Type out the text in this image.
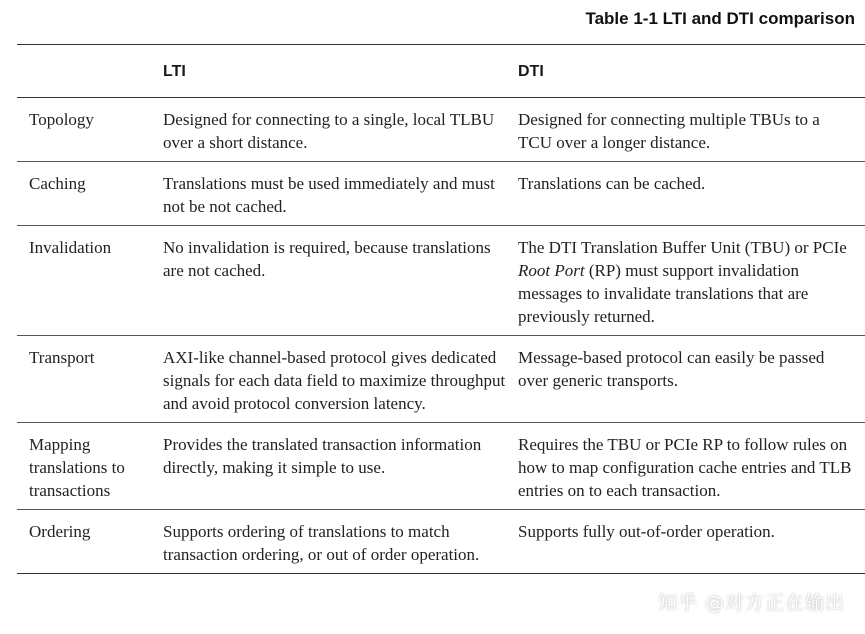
Table 1-1 LTI and DTI comparison
	LTI	DTI
Topology	Designed for connecting to a single, local TLBU over a short distance.	Designed for connecting multiple TBUs to a TCU over a longer distance.
Caching	Translations must be used immediately and must not be not cached.	Translations can be cached.
Invalidation	No invalidation is required, because translations are not cached.	The DTI Translation Buffer Unit (TBU) or PCIe Root Port (RP) must support invalidation messages to invalidate translations that are previously returned.
Transport	AXI-like channel-based protocol gives dedicated signals for each data field to maximize throughput and avoid protocol conversion latency.	Message-based protocol can easily be passed over generic transports.
Mapping translations to transactions	Provides the translated transaction information directly, making it simple to use.	Requires the TBU or PCIe RP to follow rules on how to map configuration cache entries and TLB entries on to each transaction.
Ordering	Supports ordering of translations to match transaction ordering, or out of order operation.	Supports fully out-of-order operation.
知乎 @对方正在输出
